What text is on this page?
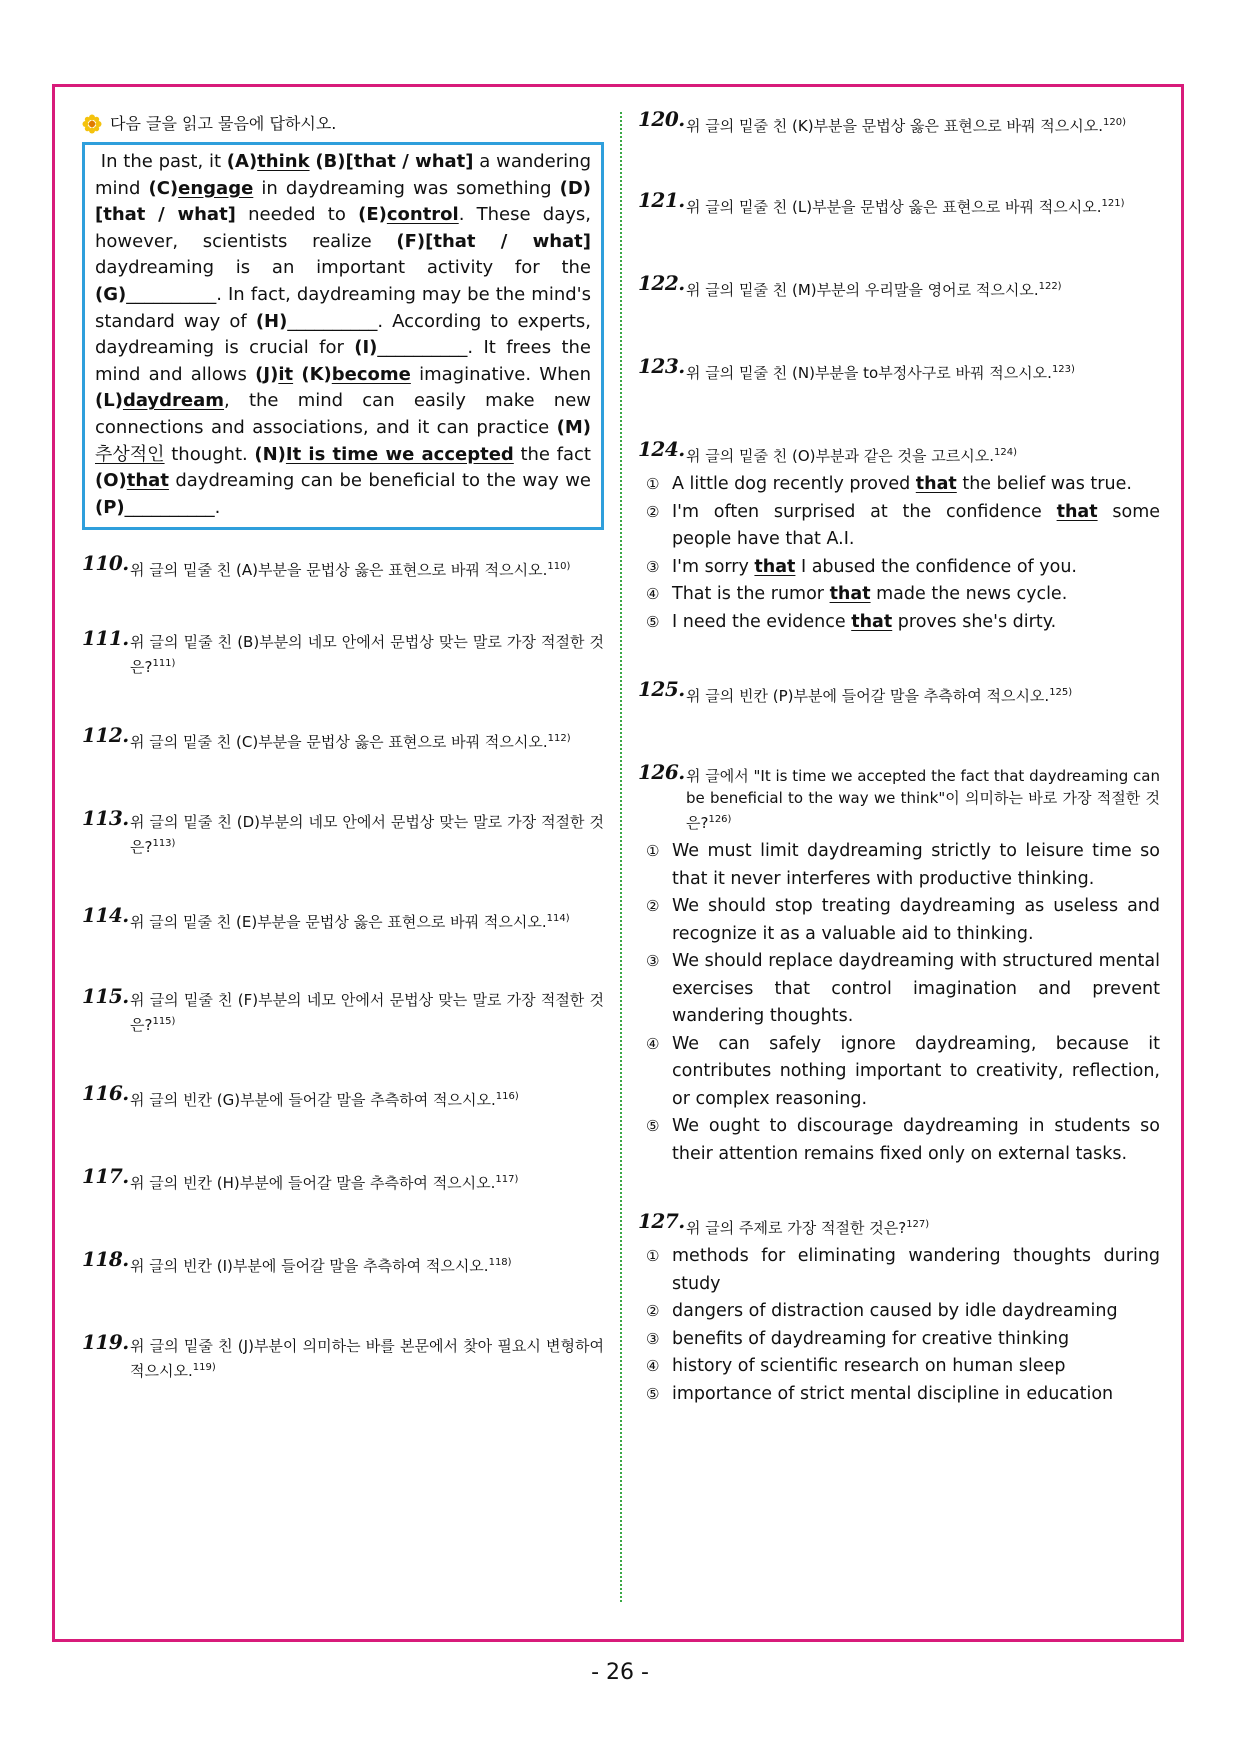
다음 글을 읽고 물음에 답하시오.
In the past, it (A)think (B)[that / what] a wandering mind (C)engage in daydreaming was something (D)[that / what] needed to (E)control. These days, however, scientists realize (F)[that / what] daydreaming is an important activity for the (G)__________. In fact, daydreaming may be the mind's standard way of (H)__________. According to experts, daydreaming is crucial for (I)__________. It frees the mind and allows (J)it (K)become imaginative. When (L)daydream, the mind can easily make new connections and associations, and it can practice (M)추상적인 thought. (N)It is time we accepted the fact (O)that daydreaming can be beneficial to the way we (P)__________.
110. 위 글의 밑줄 친 (A)부분을 문법상 옳은 표현으로 바꿔 적으시오.$^{110)}$
111. 위 글의 밑줄 친 (B)부분의 네모 안에서 문법상 맞는 말로 가장 적절한 것은?$^{111)}$
112. 위 글의 밑줄 친 (C)부분을 문법상 옳은 표현으로 바꿔 적으시오.$^{112)}$
113. 위 글의 밑줄 친 (D)부분의 네모 안에서 문법상 맞는 말로 가장 적절한 것은?$^{113)}$
114. 위 글의 밑줄 친 (E)부분을 문법상 옳은 표현으로 바꿔 적으시오.$^{114)}$
115. 위 글의 밑줄 친 (F)부분의 네모 안에서 문법상 맞는 말로 가장 적절한 것은?$^{115)}$
116. 위 글의 빈칸 (G)부분에 들어갈 말을 추측하여 적으시오.$^{116)}$
117. 위 글의 빈칸 (H)부분에 들어갈 말을 추측하여 적으시오.$^{117)}$
118. 위 글의 빈칸 (I)부분에 들어갈 말을 추측하여 적으시오.$^{118)}$
119. 위 글의 밑줄 친 (J)부분이 의미하는 바를 본문에서 찾아 필요시 변형하여 적으시오.$^{119)}$
120. 위 글의 밑줄 친 (K)부분을 문법상 옳은 표현으로 바꿔 적으시오.$^{120)}$
121. 위 글의 밑줄 친 (L)부분을 문법상 옳은 표현으로 바꿔 적으시오.$^{121)}$
122. 위 글의 밑줄 친 (M)부분의 우리말을 영어로 적으시오.$^{122)}$
123. 위 글의 밑줄 친 (N)부분을 to부정사구로 바꿔 적으시오.$^{123)}$
124. 위 글의 밑줄 친 (O)부분과 같은 것을 고르시오.$^{124)}$
① A little dog recently proved that the belief was true.
② I'm often surprised at the confidence that some people have that A.I.
③ I'm sorry that I abused the confidence of you.
④ That is the rumor that made the news cycle.
⑤ I need the evidence that proves she's dirty.
125. 위 글의 빈칸 (P)부분에 들어갈 말을 추측하여 적으시오.$^{125)}$
126. 위 글에서 "It is time we accepted the fact that daydreaming can be beneficial to the way we think"이 의미하는 바로 가장 적절한 것은?$^{126)}$
① We must limit daydreaming strictly to leisure time so that it never interferes with productive thinking.
② We should stop treating daydreaming as useless and recognize it as a valuable aid to thinking.
③ We should replace daydreaming with structured mental exercises that control imagination and prevent wandering thoughts.
④ We can safely ignore daydreaming, because it contributes nothing important to creativity, reflection, or complex reasoning.
⑤ We ought to discourage daydreaming in students so their attention remains fixed only on external tasks.
127. 위 글의 주제로 가장 적절한 것은?$^{127)}$
① methods for eliminating wandering thoughts during study
② dangers of distraction caused by idle daydreaming
③ benefits of daydreaming for creative thinking
④ history of scientific research on human sleep
⑤ importance of strict mental discipline in education
- 26 -
